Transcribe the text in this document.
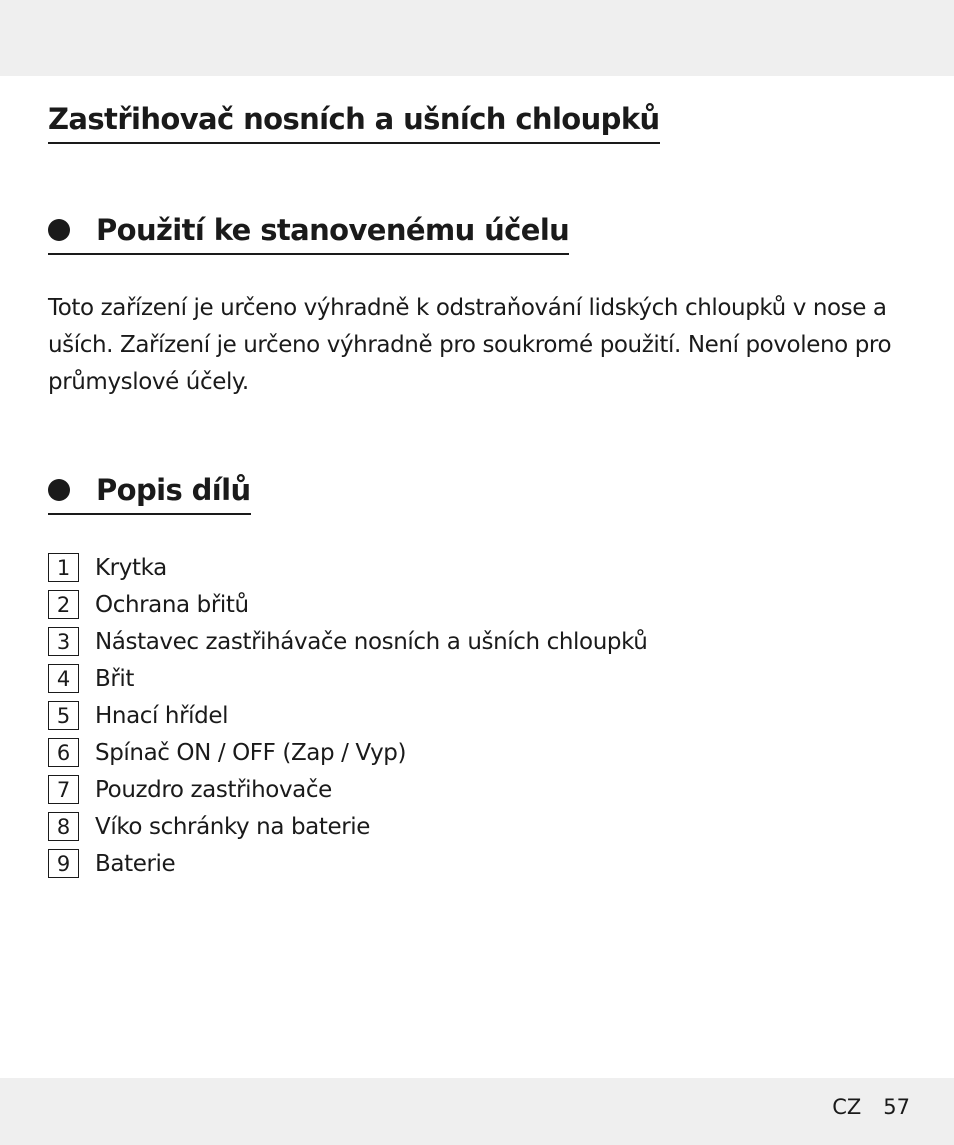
Zastřihovač nosních a ušních chloupků
Použití ke stanovenému účelu

Toto zařízení je určeno výhradně k odstraňování lidských chloupků v nose a uších. Zařízení je určeno výhradně pro soukromé použití. Není povoleno pro průmyslové účely.

Popis dílů
1	Krytka
2	Ochrana břitů
3	Nástavec zastřihávače nosních a ušních chloupků
4	Břit
5	Hnací hřídel
6	Spínač ON / OFF (Zap / Vyp)
7	Pouzdro zastřihovače
8	Víko schránky na baterie
9	Baterie
CZ 57
